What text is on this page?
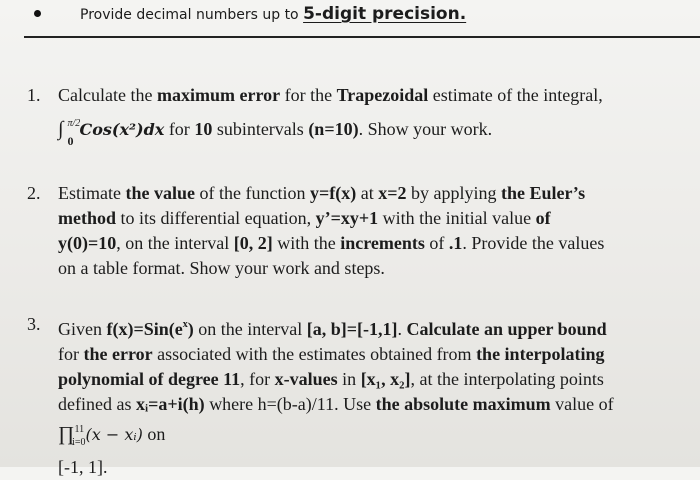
Provide decimal numbers up to 5-digit precision.
1. Calculate the maximum error for the Trapezoidal estimate of the integral,
∫ π/2
0
Cos(x²)dx for 10 subintervals (n=10). Show your work.
2. Estimate the value of the function y=f(x) at x=2 by applying the Euler’s
method to its differential equation, y’=xy+1 with the initial value of
y(0)=10, on the interval [0, 2] with the increments of .1. Provide the values
on a table format. Show your work and steps.
3. Given $f(x)=Sin(e^x)$ on the interval [a, b]=[-1,1]. Calculate an upper bound
for the error associated with the estimates obtained from the interpolating
polynomial of degree 11, for x-values in [x₁, x₂], at the interpolating points
defined as xᵢ=a+i(h) where h=(b-a)/11. Use the absolute maximum value of
∏$^{11}_{i=0}$(x − xᵢ) on
[-1, 1].
